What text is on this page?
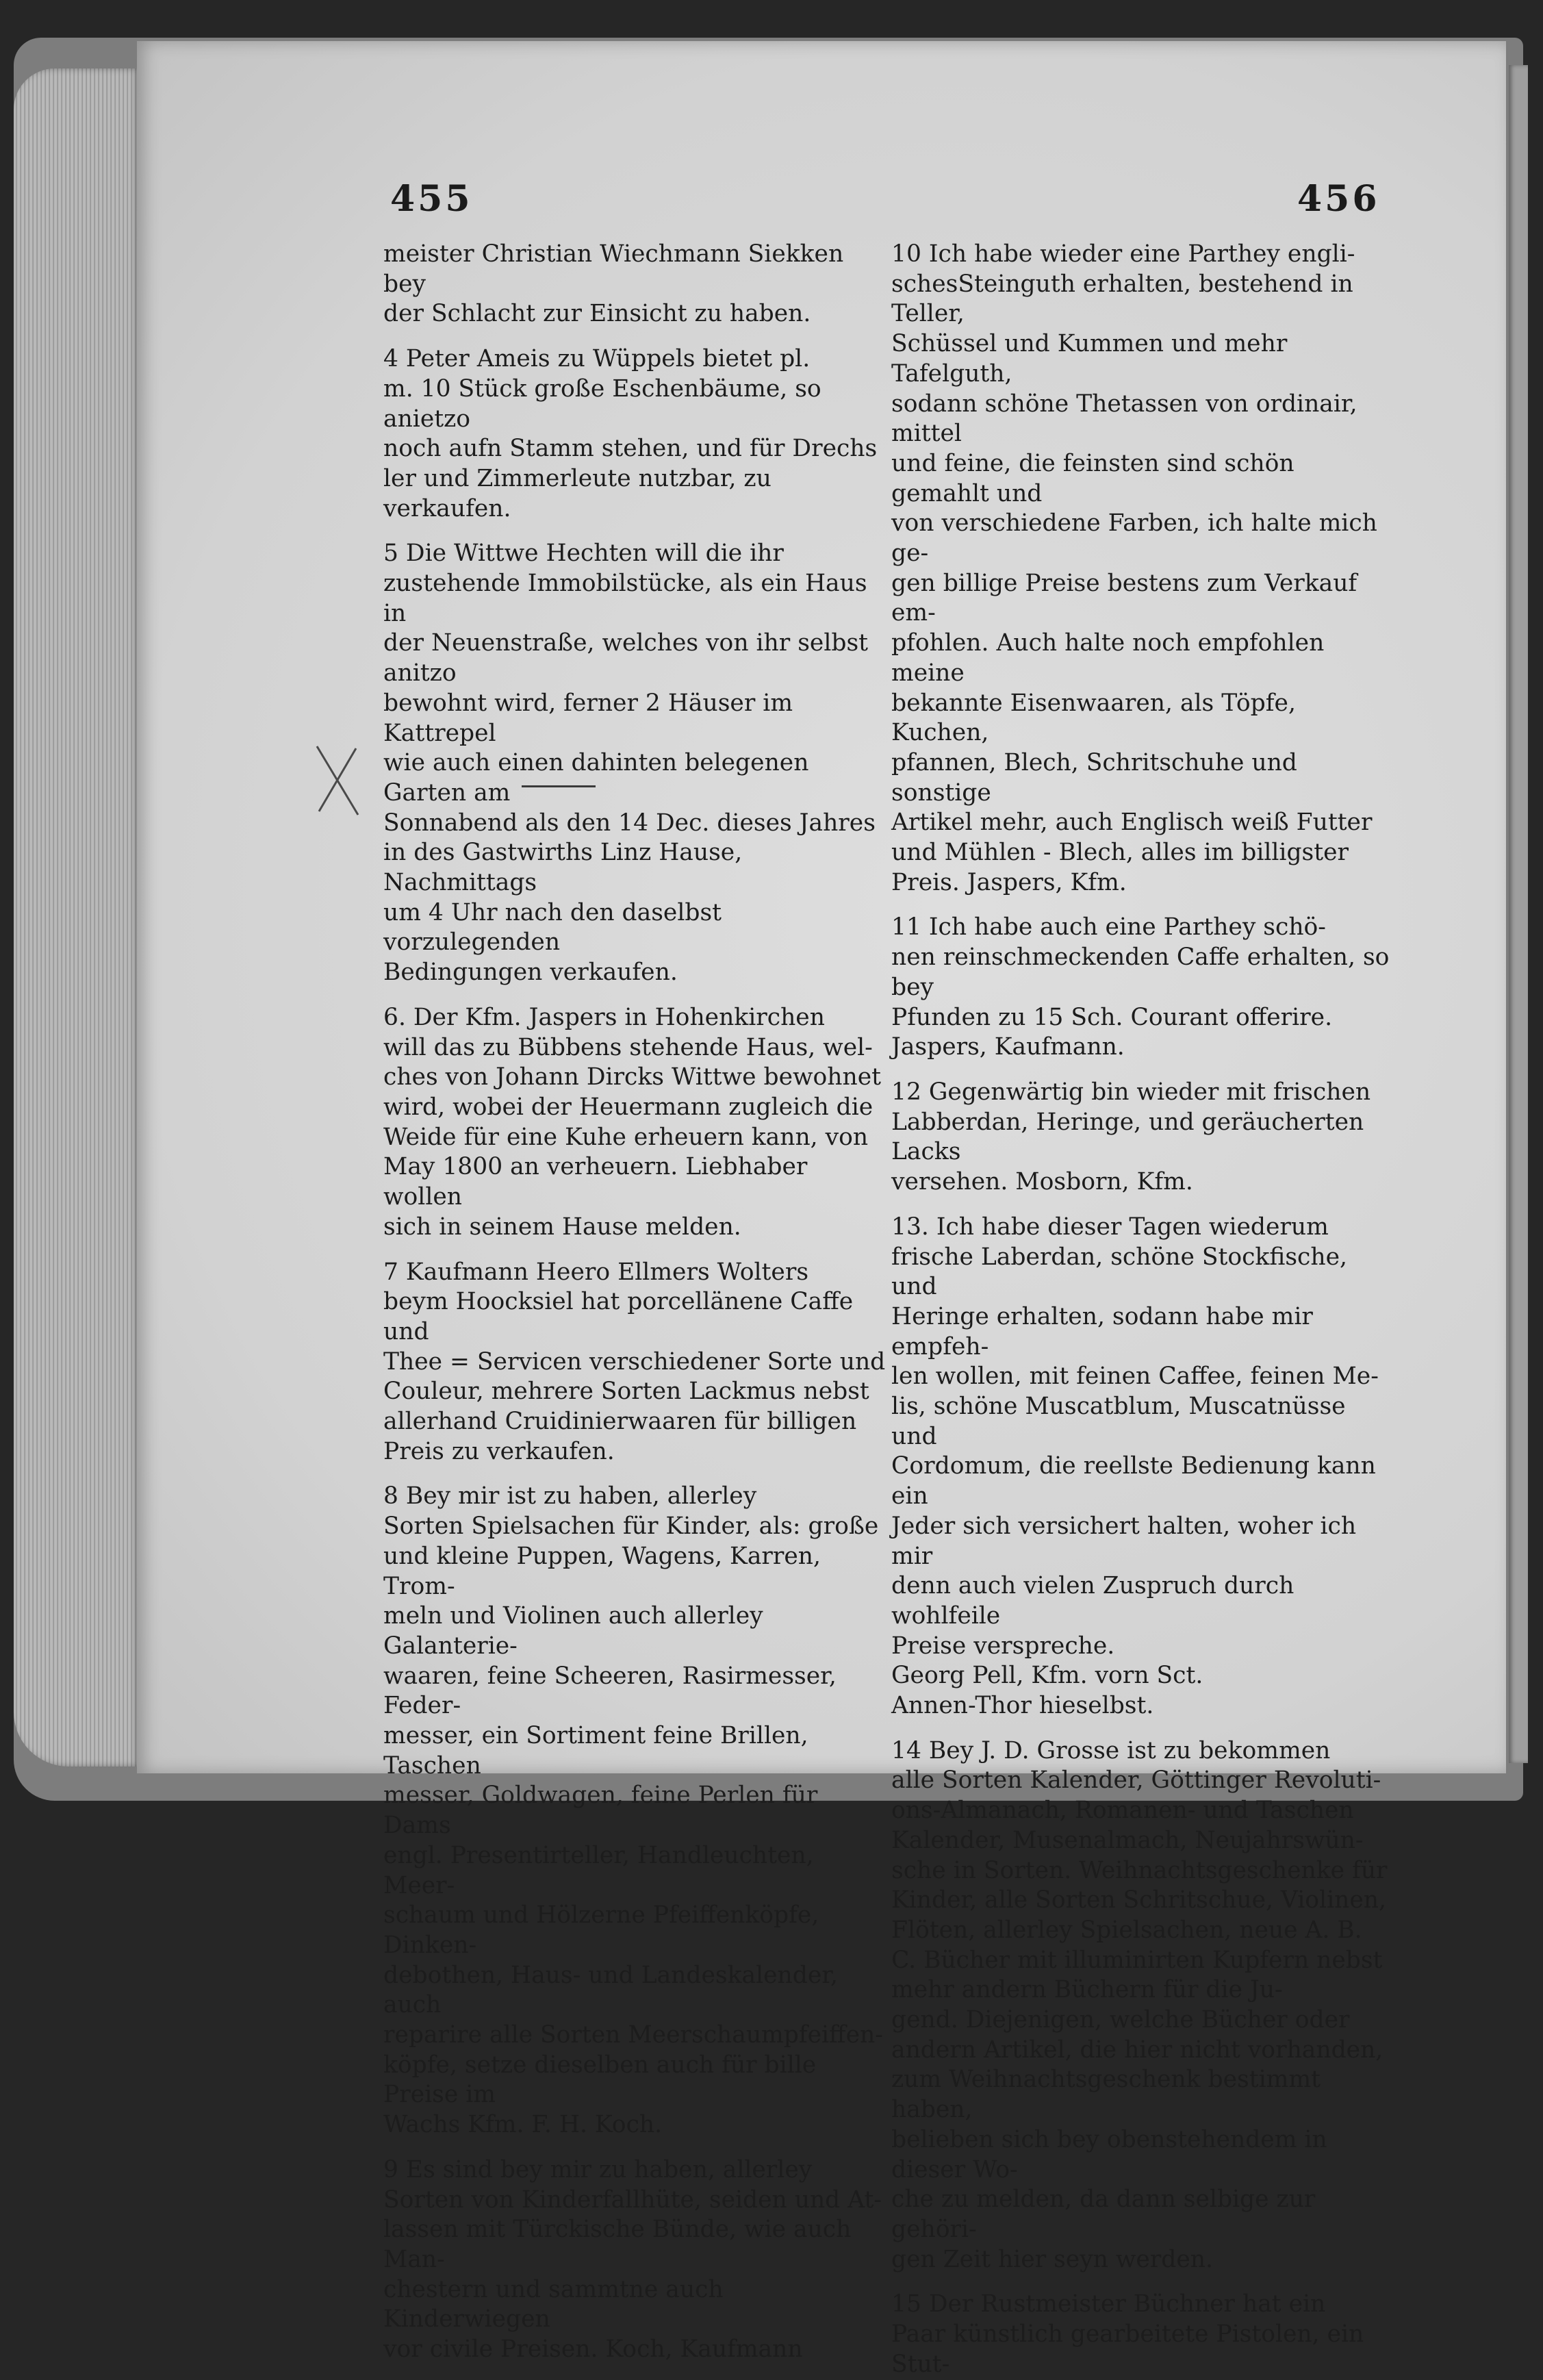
455	456

meister Christian Wiechmann Siekken bey
der Schlacht zur Einsicht zu haben.

4 Peter Ameis zu Wüppels bietet pl.
m. 10 Stück große Eschenbäume, so anietzo
noch aufn Stamm stehen, und für Drechs
ler und Zimmerleute nutzbar, zu verkaufen.

5 Die Wittwe Hechten will die ihr
zustehende Immobilstücke, als ein Haus in
der Neuenstraße, welches von ihr selbst anitzo
bewohnt wird, ferner 2 Häuser im Kattrepel
wie auch einen dahinten belegenen Garten am
Sonnabend als den 14 Dec. dieses Jahres
in des Gastwirths Linz Hause, Nachmittags
um 4 Uhr nach den daselbst vorzulegenden
Bedingungen verkaufen.

6. Der Kfm. Jaspers in Hohenkirchen
will das zu Bübbens stehende Haus, wel-
ches von Johann Dircks Wittwe bewohnet
wird, wobei der Heuermann zugleich die
Weide für eine Kuhe erheuern kann, von
May 1800 an verheuern. Liebhaber wollen
sich in seinem Hause melden.

7 Kaufmann Heero Ellmers Wolters
beym Hoocksiel hat porcellänene Caffe und
Thee = Servicen verschiedener Sorte und
Couleur, mehrere Sorten Lackmus nebst
allerhand Cruidinierwaaren für billigen
Preis zu verkaufen.

8 Bey mir ist zu haben, allerley
Sorten Spielsachen für Kinder, als: große
und kleine Puppen, Wagens, Karren, Trom-
meln und Violinen auch allerley Galanterie-
waaren, feine Scheeren, Rasirmesser, Feder-
messer, ein Sortiment feine Brillen, Taschen
messer, Goldwagen, feine Perlen für Dams
engl. Presentirteller, Handleuchten, Meer-
schaum und Hölzerne Pfeiffenköpfe, Dinken-
debothen, Haus- und Landeskalender, auch
reparire alle Sorten Meerschaumpfeiffen-
köpfe, setze dieselben auch für bille Preise im
Wachs Kfm. F. H. Koch.

9 Es sind bey mir zu haben, allerley
Sorten von Kinderfallhüte, seiden und At-
lassen mit Türckische Bünde, wie auch Man-
chestern und sammtne auch Kinderwiegen
vor civile Preisen. Koch, Kaufmann

10 Ich habe wieder eine Parthey engli-
schesSteinguth erhalten, bestehend in Teller,
Schüssel und Kummen und mehr Tafelguth,
sodann schöne Thetassen von ordinair, mittel
und feine, die feinsten sind schön gemahlt und
von verschiedene Farben, ich halte mich ge-
gen billige Preise bestens zum Verkauf em-
pfohlen. Auch halte noch empfohlen meine
bekannte Eisenwaaren, als Töpfe, Kuchen,
pfannen, Blech, Schritschuhe und sonstige
Artikel mehr, auch Englisch weiß Futter
und Mühlen - Blech, alles im billigster
Preis. Jaspers, Kfm.

11 Ich habe auch eine Parthey schö-
nen reinschmeckenden Caffe erhalten, so bey
Pfunden zu 15 Sch. Courant offerire.
Jaspers, Kaufmann.

12 Gegenwärtig bin wieder mit frischen
Labberdan, Heringe, und geräucherten Lacks
versehen. Mosborn, Kfm.

13. Ich habe dieser Tagen wiederum
frische Laberdan, schöne Stockfische, und
Heringe erhalten, sodann habe mir empfeh-
len wollen, mit feinen Caffee, feinen Me-
lis, schöne Muscatblum, Muscatnüsse und
Cordomum, die reellste Bedienung kann ein
Jeder sich versichert halten, woher ich mir
denn auch vielen Zuspruch durch wohlfeile
Preise verspreche.
Georg Pell, Kfm. vorn Sct.
Annen-Thor hieselbst.

14 Bey J. D. Grosse ist zu bekommen
alle Sorten Kalender, Göttinger Revoluti-
ons-Almanach, Romanen- und Taschen
Kalender, Musenalmach, Neujahrswün-
sche in Sorten. Weihnachtsgeschenke für
Kinder, alle Sorten Schritschue, Violinen,
Flöten, allerley Spielsachen, neue A. B.
C. Bücher mit illuminirten Kupfern nebst
mehr andern Büchern für die Ju-
gend. Diejenigen, welche Bücher oder
andern Artikel, die hier nicht vorhanden,
zum Weihnachtsgeschenk bestimmt haben,
belieben sich bey obenstehendem in dieser Wo-
che zu melden, da dann selbige zur gehöri-
gen Zeit hier seyn werden.

15 Der Rustmeister Büchner hat ein
Paar künstlich gearbeitete Pistolen, ein Stut-
